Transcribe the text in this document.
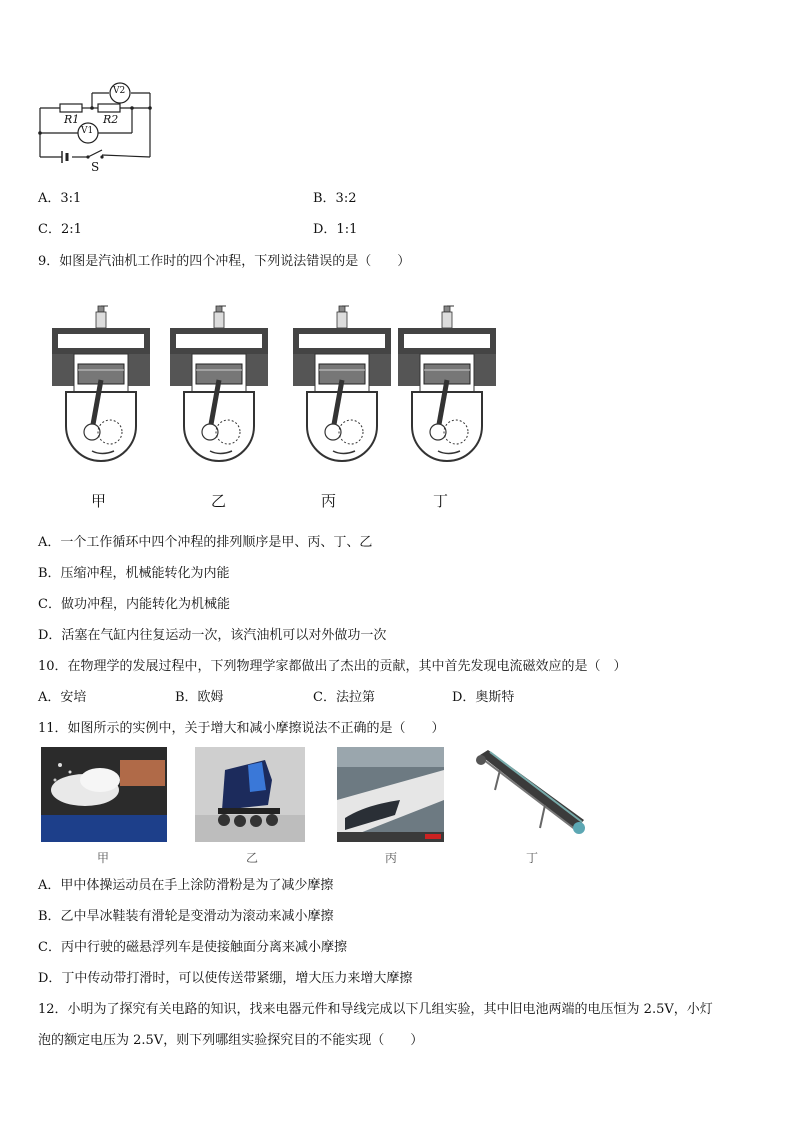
V2
V1
R1 R2
S
A．3:1	B．3:2
C．2:1	D．1:1
9．如图是汽油机工作时的四个冲程，下列说法错误的是（　　）
甲	乙	丙	丁
A．一个工作循环中四个冲程的排列顺序是甲、丙、丁、乙
B．压缩冲程，机械能转化为内能
C．做功冲程，内能转化为机械能
D．活塞在气缸内往复运动一次，该汽油机可以对外做功一次
10．在物理学的发展过程中，下列物理学家都做出了杰出的贡献，其中首先发现电流磁效应的是（　）
A．安培	B．欧姆	C．法拉第	D．奥斯特
11．如图所示的实例中，关于增大和减小摩擦说法不正确的是（　　）
甲	乙	丙	丁
A．甲中体操运动员在手上涂防滑粉是为了减少摩擦
B．乙中旱冰鞋装有滑轮是变滑动为滚动来减小摩擦
C．丙中行驶的磁悬浮列车是使接触面分离来减小摩擦
D．丁中传动带打滑时，可以使传送带紧绷，增大压力来增大摩擦
12．小明为了探究有关电路的知识，找来电器元件和导线完成以下几组实验，其中旧电池两端的电压恒为 2.5V，小灯
泡的额定电压为 2.5V，则下列哪组实验探究目的不能实现（　　）
